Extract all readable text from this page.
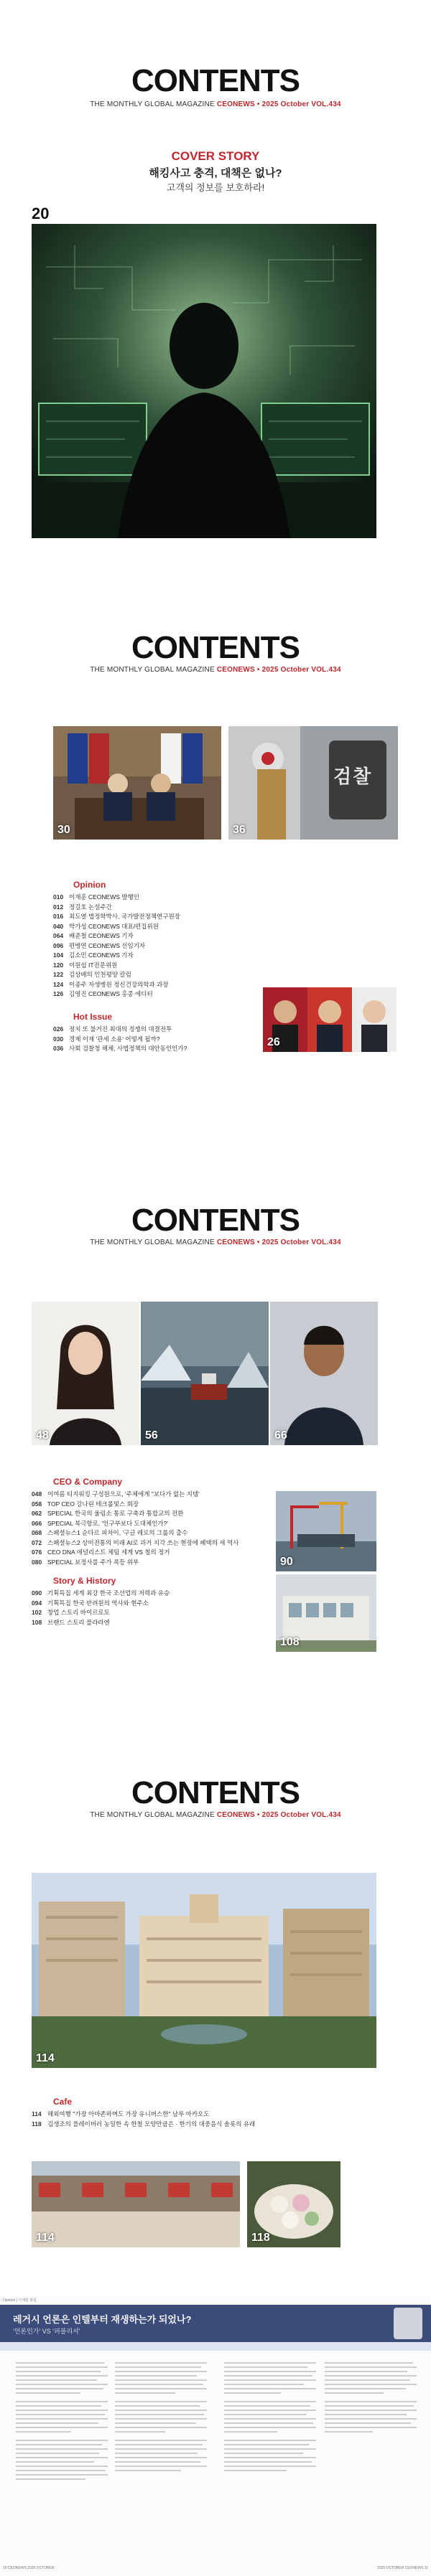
CONTENTS
THE MONTHLY GLOBAL MAGAZINE CEONEWS • 2025 October VOL.434
COVER STORY
해킹사고 충격, 대책은 없나?
고객의 정보를 보호하라!
20
CONTENTS
THE MONTHLY GLOBAL MAGAZINE CEONEWS • 2025 October VOL.434
30
검찰
36
Opinion
010 이재훈 CEONEWS 발행인
012 정길호 논설주간
016 최도열 법정학박사, 국가발전정책연구원장
040 박가성 CEONEWS 대표/편집위원
064 배준철 CEONEWS 기자
096 편병연 CEONEWS 선임기자
104 김소민 CEONEWS 기자
120 이원섭 IT전문위원
122 김상배의 인천평양 칼럼
124 이종주 자생병원 정신건강의학과 과장
126 김영진 CEONEWS 홍콩 에디터
Hot Issue
026 정치 또 불거진 최대의 정쟁의 대결전투
030 경제 이재 '관세 소용' 어떻게 될까?
036 사회 검찰청 해체, 사법정책의 대안동인인가?	26
CONTENTS
THE MONTHLY GLOBAL MAGAZINE CEONEWS • 2025 October VOL.434
48	56	66
CEO & Company
048 이여름 티지워킹 구성원으로, '주체에게 "보다가 없는 지템'
058 TOP CEO 강나린 테크롤빛스 회장
062 SPECIAL 한국의 울림소 통로 구축과 통합교의 전환
066 SPECIAL 북극항로, '인구부보다 도대체인가?'
068 스페셜뉴스1 순다르 피차이, '구글 레로의 그룹의 출수
072 스페셜뉴스2 상미전통의 미래 AI로 과거 지각 쓰는 현장에 혜택의 새 역사
076 CEO DNA 애널리스트 체팀 세계 VS 철의 정거
080 SPECIAL 보정사를 주가 폭등 위부
Story & History
090 기획특집 세계 최강 한국 조선업의 저력과 유승
094 기획특집 한국 반려원의 역사와 현주소
102 창업 스토리 바이르로토
108 브랜드 스토리 플라라엔
90
108
CONTENTS
THE MONTHLY GLOBAL MAGAZINE CEONEWS • 2025 October VOL.434
114
Cafe
114 해외여행 "가장 아마존하며도 가장 유니버스한" 남부 마카오도
118 김생조의 플레이버러 농밀한 속 한철 모양만큼은 · 한기의 대중음식 솔롯의 유래
114	118
Opinion | 이재훈 칼럼
레거시 언론은 인텔부터 재생하는가 되었나?
'언론인가' VS '퍼블리셔'
10 CEONEWS 2025 OCTOBER	2025 OCTOBER CEONEWS 11
